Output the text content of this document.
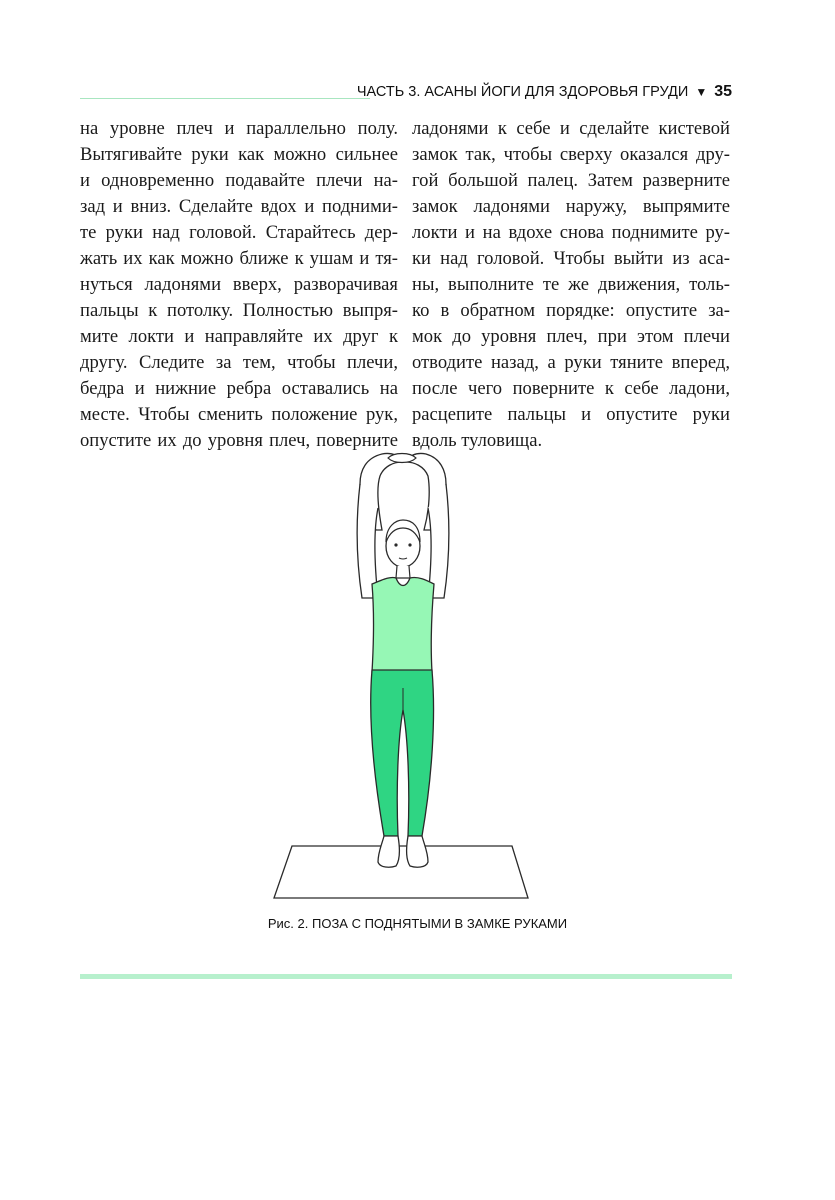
ЧАСТЬ 3. АСАНЫ ЙОГИ ДЛЯ ЗДОРОВЬЯ ГРУДИ ▼ 35
на уровне плеч и параллельно полу.
Вытягивайте руки как можно сильнее
и одновременно подавайте плечи на-
зад и вниз. Сделайте вдох и подними-
те руки над головой. Старайтесь дер-
жать их как можно ближе к ушам и тя-
нуться ладонями вверх, разворачивая
пальцы к потолку. Полностью выпря-
мите локти и направляйте их друг к
другу. Следите за тем, чтобы плечи,
бедра и нижние ребра оставались на
месте. Чтобы сменить положение рук,
опустите их до уровня плеч, поверните
ладонями к себе и сделайте кистевой
замок так, чтобы сверху оказался дру-
гой большой палец. Затем разверните
замок ладонями наружу, выпрямите
локти и на вдохе снова поднимите ру-
ки над головой. Чтобы выйти из аса-
ны, выполните те же движения, толь-
ко в обратном порядке: опустите за-
мок до уровня плеч, при этом плечи
отводите назад, а руки тяните вперед,
после чего поверните к себе ладони,
расцепите пальцы и опустите руки
вдоль туловища.
Рис. 2. ПОЗА С ПОДНЯТЫМИ В ЗАМКЕ РУКАМИ
